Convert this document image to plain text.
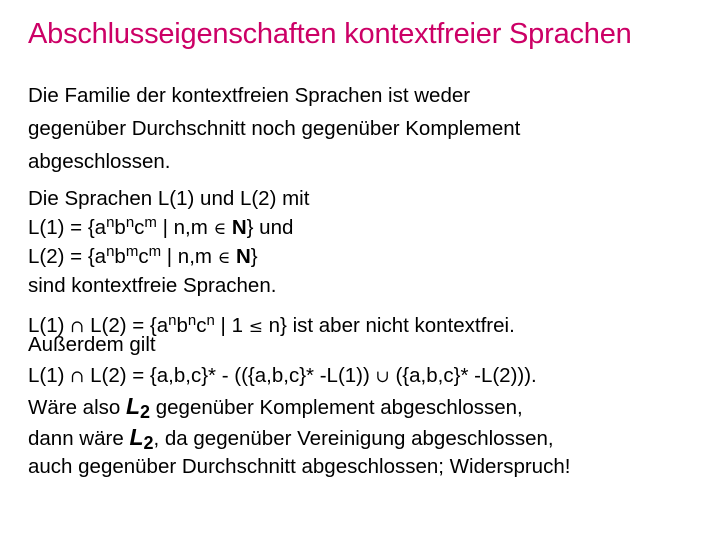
Abschlusseigenschaften kontextfreier Sprachen
Die Familie der kontextfreien Sprachen ist weder
gegenüber Durchschnitt noch gegenüber Komplement
abgeschlossen.
Die Sprachen L(1) und L(2) mit
$L(1) = \{a^nb^nc^m$ | n,m ∈ N} und
$L(2) = \{a^nb^mc^m$ | n,m ∈ N}
sind kontextfreie Sprachen.
L(1) ∩ $L(2) = \{a^nb^nc^n$ | 1 ≤ n} ist aber nicht kontextfrei.
Außerdem gilt
L(1) ∩ L(2) = {a,b,c}* - (({a,b,c}* -L(1)) ∪ ({a,b,c}* -L(2))).
Wäre also $L_2$ gegenüber Komplement abgeschlossen,
dann wäre $L_2$, da gegenüber Vereinigung abgeschlossen,
auch gegenüber Durchschnitt abgeschlossen; Widerspruch!
